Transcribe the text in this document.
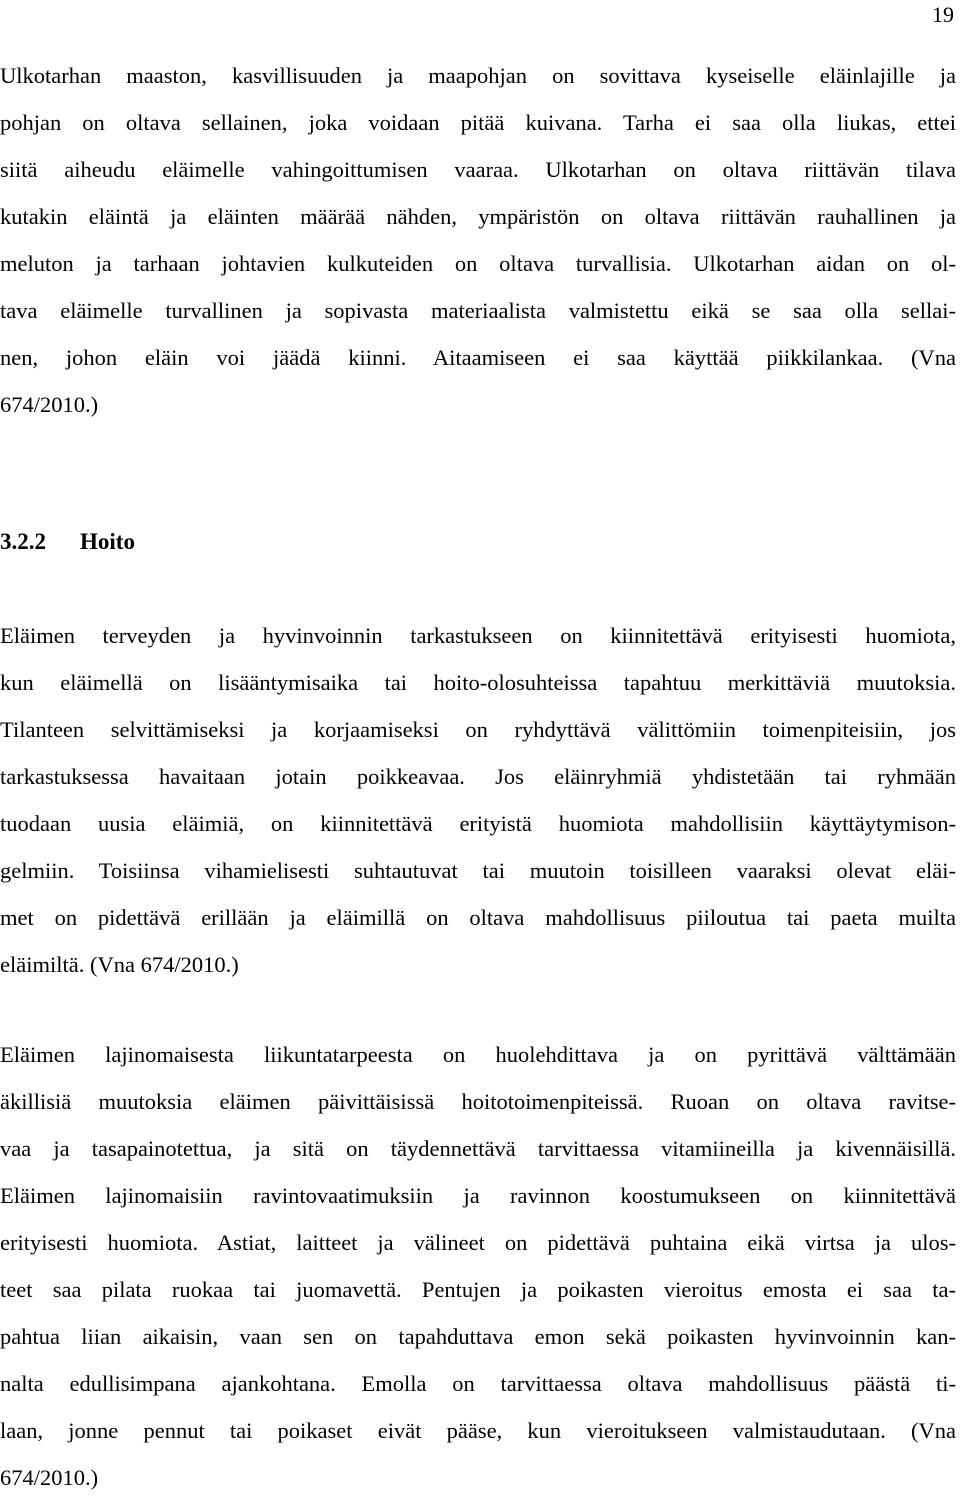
19
Ulkotarhan maaston, kasvillisuuden ja maapohjan on sovittava kyseiselle eläinlajille ja
pohjan on oltava sellainen, joka voidaan pitää kuivana. Tarha ei saa olla liukas, ettei
siitä aiheudu eläimelle vahingoittumisen vaaraa. Ulkotarhan on oltava riittävän tilava
kutakin eläintä ja eläinten määrää nähden, ympäristön on oltava riittävän rauhallinen ja
meluton ja tarhaan johtavien kulkuteiden on oltava turvallisia. Ulkotarhan aidan on ol-
tava eläimelle turvallinen ja sopivasta materiaalista valmistettu eikä se saa olla sellai-
nen, johon eläin voi jäädä kiinni. Aitaamiseen ei saa käyttää piikkilankaa. (Vna
674/2010.)
3.2.2 Hoito
Eläimen terveyden ja hyvinvoinnin tarkastukseen on kiinnitettävä erityisesti huomiota,
kun eläimellä on lisääntymisaika tai hoito-olosuhteissa tapahtuu merkittäviä muutoksia.
Tilanteen selvittämiseksi ja korjaamiseksi on ryhdyttävä välittömiin toimenpiteisiin, jos
tarkastuksessa havaitaan jotain poikkeavaa. Jos eläinryhmiä yhdistetään tai ryhmään
tuodaan uusia eläimiä, on kiinnitettävä erityistä huomiota mahdollisiin käyttäytymison-
gelmiin. Toisiinsa vihamielisesti suhtautuvat tai muutoin toisilleen vaaraksi olevat eläi-
met on pidettävä erillään ja eläimillä on oltava mahdollisuus piiloutua tai paeta muilta
eläimiltä. (Vna 674/2010.)
Eläimen lajinomaisesta liikuntatarpeesta on huolehdittava ja on pyrittävä välttämään
äkillisiä muutoksia eläimen päivittäisissä hoitotoimenpiteissä. Ruoan on oltava ravitse-
vaa ja tasapainotettua, ja sitä on täydennettävä tarvittaessa vitamiineilla ja kivennäisillä.
Eläimen lajinomaisiin ravintovaatimuksiin ja ravinnon koostumukseen on kiinnitettävä
erityisesti huomiota. Astiat, laitteet ja välineet on pidettävä puhtaina eikä virtsa ja ulos-
teet saa pilata ruokaa tai juomavettä. Pentujen ja poikasten vieroitus emosta ei saa ta-
pahtua liian aikaisin, vaan sen on tapahduttava emon sekä poikasten hyvinvoinnin kan-
nalta edullisimpana ajankohtana. Emolla on tarvittaessa oltava mahdollisuus päästä ti-
laan, jonne pennut tai poikaset eivät pääse, kun vieroitukseen valmistaudutaan. (Vna
674/2010.)
